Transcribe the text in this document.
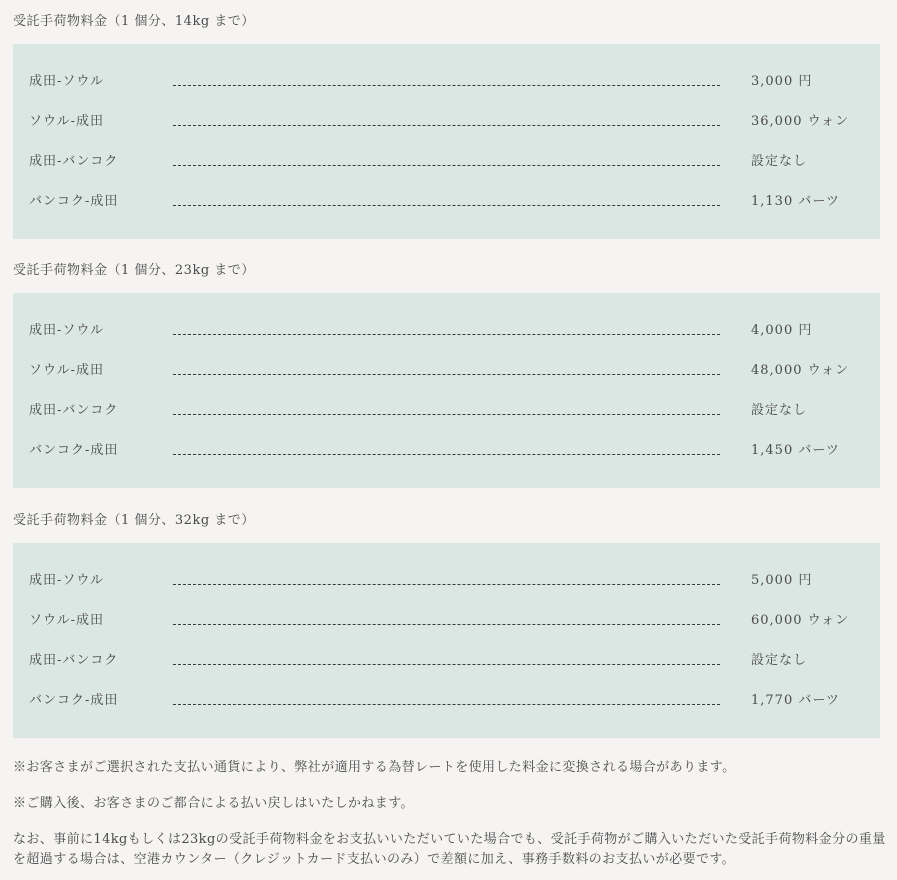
受託手荷物料金（1 個分、14kg まで）
成田-ソウル	3,000 円
ソウル-成田	36,000 ウォン
成田-バンコク	設定なし
バンコク-成田	1,130 バーツ
受託手荷物料金（1 個分、23kg まで）
成田-ソウル	4,000 円
ソウル-成田	48,000 ウォン
成田-バンコク	設定なし
バンコク-成田	1,450 バーツ
受託手荷物料金（1 個分、32kg まで）
成田-ソウル	5,000 円
ソウル-成田	60,000 ウォン
成田-バンコク	設定なし
バンコク-成田	1,770 バーツ
※お客さまがご選択された支払い通貨により、弊社が適用する為替レートを使用した料金に変換される場合があります。
※ご購入後、お客さまのご都合による払い戻しはいたしかねます。
なお、事前に14kgもしくは23kgの受託手荷物料金をお支払いいただいていた場合でも、受託手荷物がご購入いただいた受託手荷物料金分の重量を超過する場合は、空港カウンター（クレジットカード支払いのみ）で差額に加え、事務手数料のお支払いが必要です。
